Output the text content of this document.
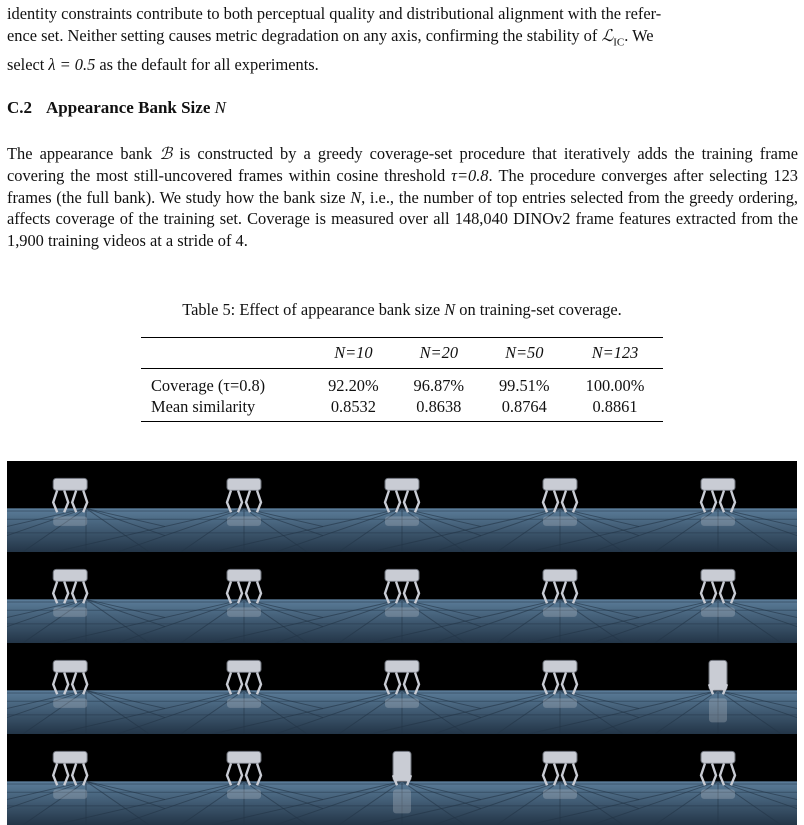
identity constraints contribute to both perceptual quality and distributional alignment with the refer-
ence set. Neither setting causes metric degradation on any axis, confirming the stability of ℒ$_{IC}$. We
select λ = 0.5 as the default for all experiments.

C.2 Appearance Bank Size N

The appearance bank ℬ is constructed by a greedy coverage-set procedure that iteratively adds the training frame covering the most still-uncovered frames within cosine threshold τ=0.8. The procedure converges after selecting 123 frames (the full bank). We study how the bank size N, i.e., the number of top entries selected from the greedy ordering, affects coverage of the training set. Coverage is measured over all 148,040 DINOv2 frame features extracted from the 1,900 training videos at a stride of 4.

Table 5: Effect of appearance bank size N on training-set coverage.

	N=10	N=20	N=50	N=123
Coverage (τ=0.8)	92.20%	96.87%	99.51%	100.00%
Mean similarity	0.8532	0.8638	0.8764	0.8861
